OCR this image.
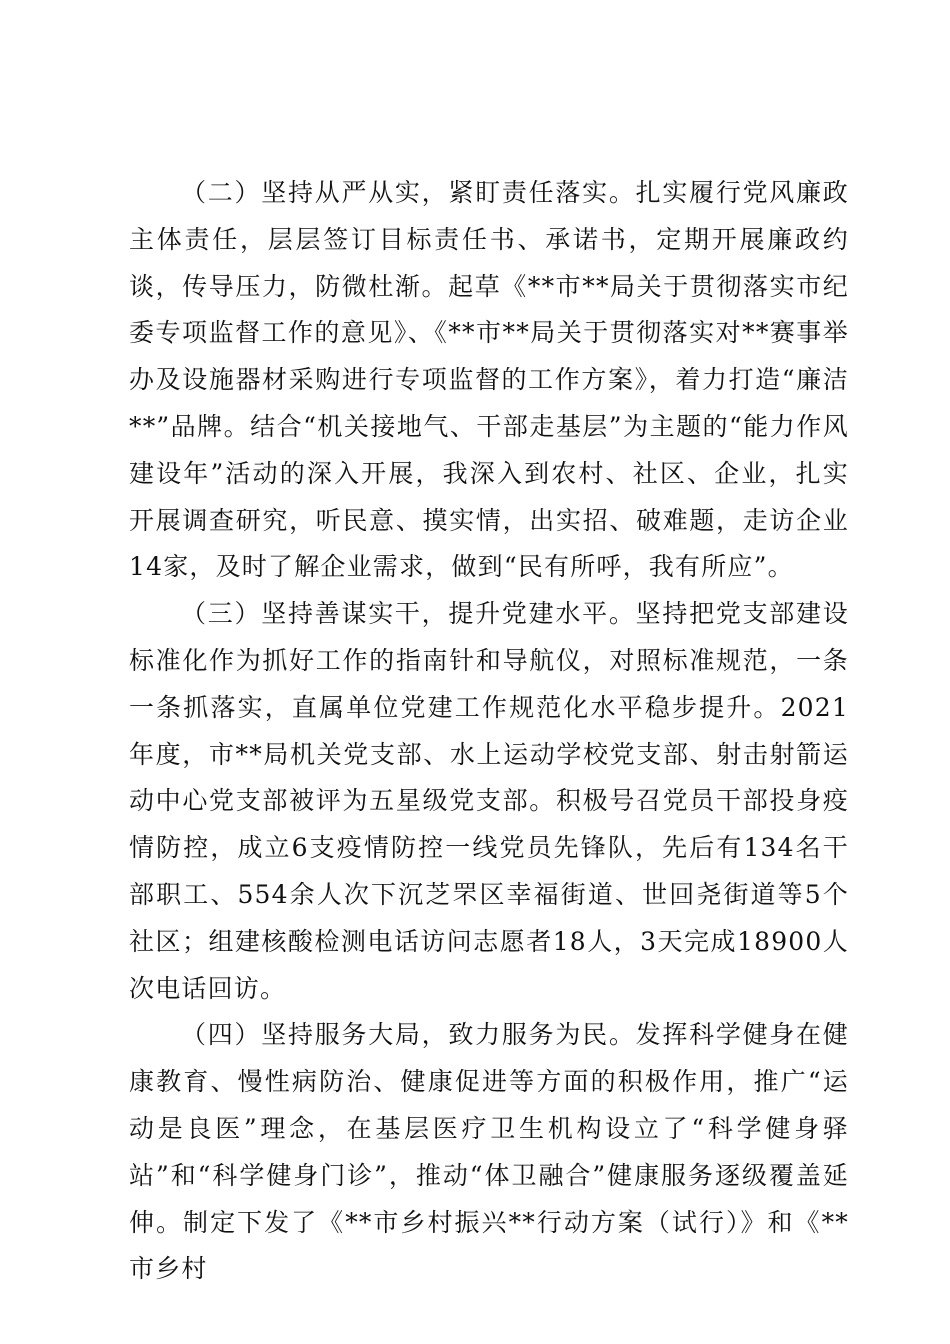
（二）坚持从严从实，紧盯责任落实。扎实履行党风廉政主体责任，层层签订目标责任书、承诺书，定期开展廉政约谈，传导压力，防微杜渐。起草《**市**局关于贯彻落实市纪委专项监督工作的意见》、《**市**局关于贯彻落实对**赛事举办及设施器材采购进行专项监督的工作方案》，着力打造“廉洁**”品牌。结合“机关接地气、干部走基层”为主题的“能力作风建设年”活动的深入开展，我深入到农村、社区、企业，扎实开展调查研究，听民意、摸实情，出实招、破难题，走访企业14家，及时了解企业需求，做到“民有所呼，我有所应”。

（三）坚持善谋实干，提升党建水平。坚持把党支部建设标准化作为抓好工作的指南针和导航仪，对照标准规范，一条一条抓落实，直属单位党建工作规范化水平稳步提升。2021年度，市**局机关党支部、水上运动学校党支部、射击射箭运动中心党支部被评为五星级党支部。积极号召党员干部投身疫情防控，成立6支疫情防控一线党员先锋队，先后有134名干部职工、554余人次下沉芝罘区幸福街道、世回尧街道等5个社区；组建核酸检测电话访问志愿者18人，3天完成18900人次电话回访。

（四）坚持服务大局，致力服务为民。发挥科学健身在健康教育、慢性病防治、健康促进等方面的积极作用，推广“运动是良医”理念，在基层医疗卫生机构设立了“科学健身驿站”和“科学健身门诊”，推动“体卫融合”健康服务逐级覆盖延伸。制定下发了《**市乡村振兴**行动方案（试行）》和《**市乡村
